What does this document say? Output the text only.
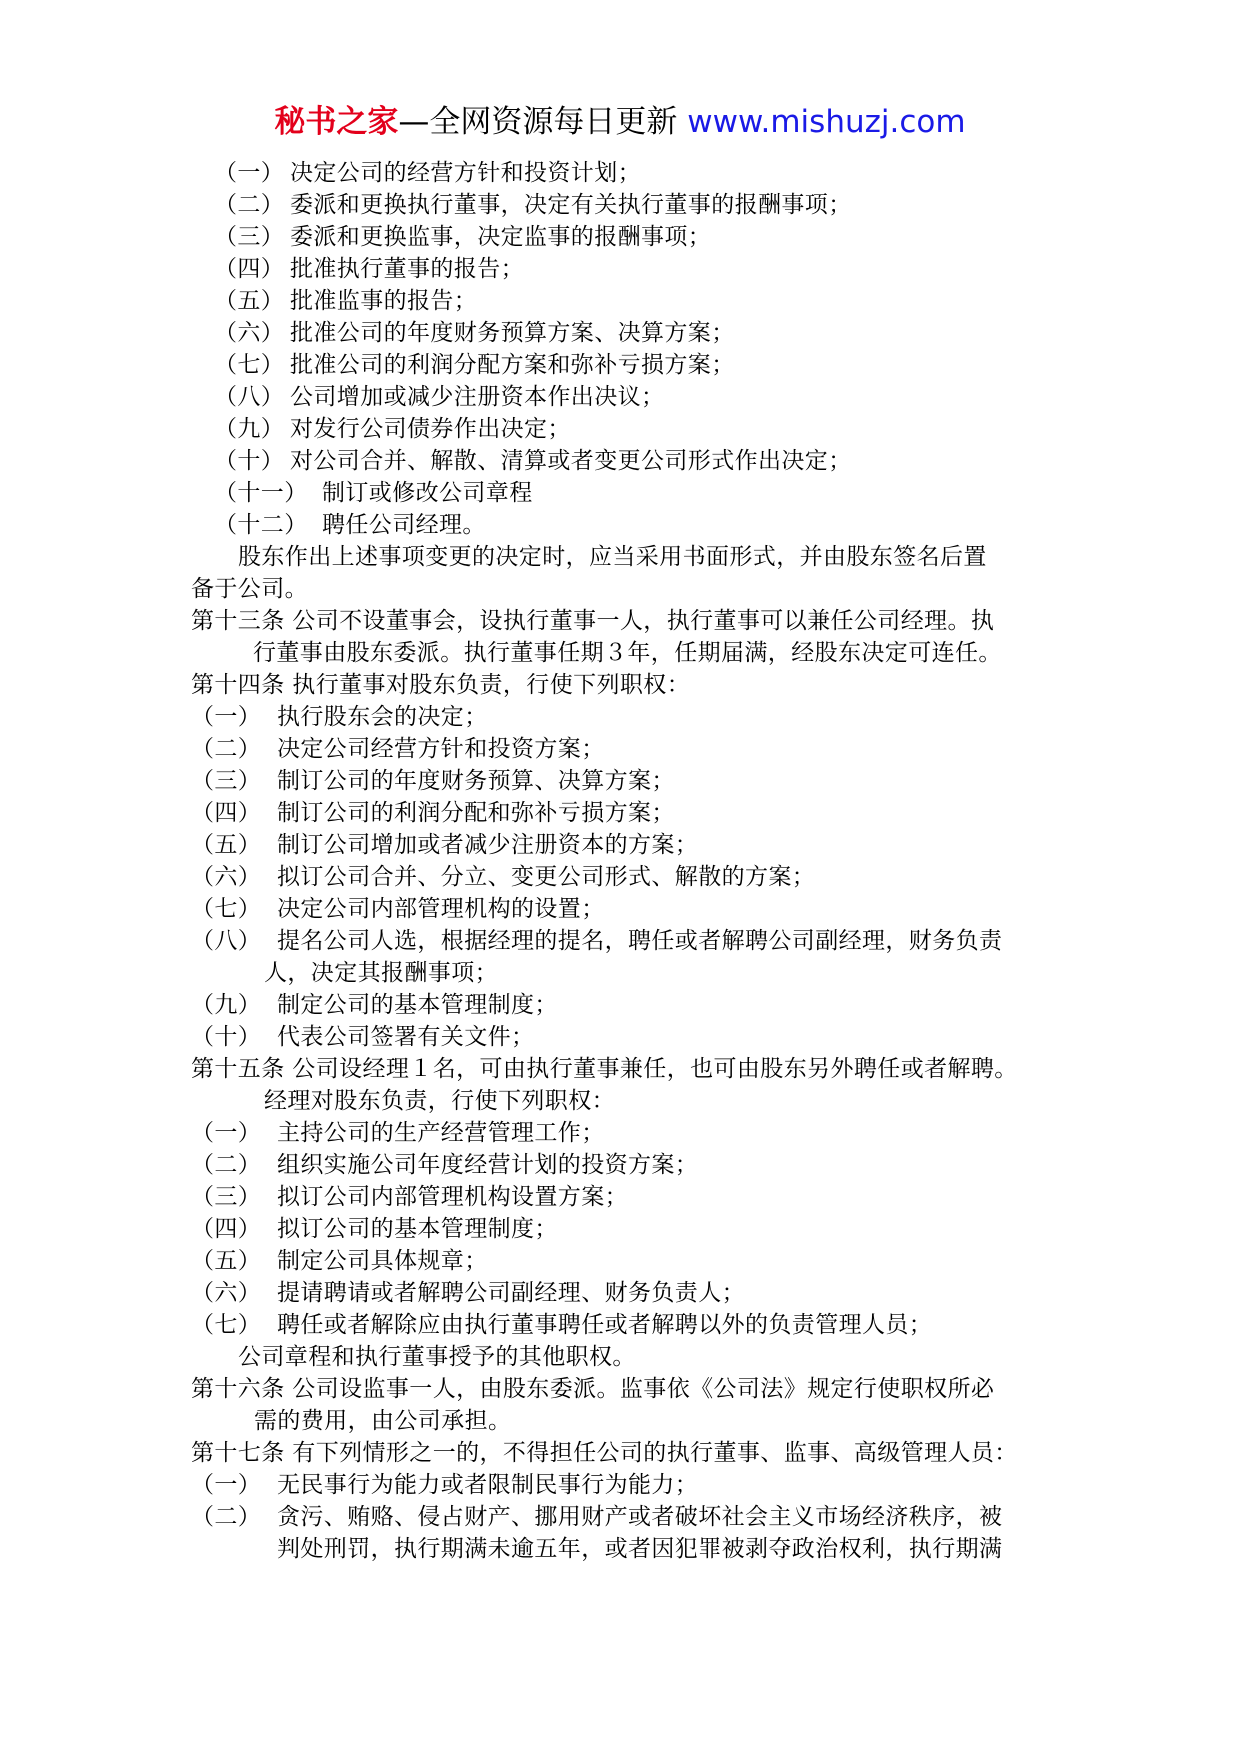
秘书之家—全网资源每日更新 www.mishuzj.com
（一） 决定公司的经营方针和投资计划；
（二） 委派和更换执行董事，决定有关执行董事的报酬事项；
（三） 委派和更换监事，决定监事的报酬事项；
（四） 批准执行董事的报告；
（五） 批准监事的报告；
（六） 批准公司的年度财务预算方案、决算方案；
（七） 批准公司的利润分配方案和弥补亏损方案；
（八） 公司增加或减少注册资本作出决议；
（九） 对发行公司债券作出决定；
（十） 对公司合并、解散、清算或者变更公司形式作出决定；
（十一） 制订或修改公司章程
（十二） 聘任公司经理。
股东作出上述事项变更的决定时，应当采用书面形式，并由股东签名后置
备于公司。
第十三条 公司不设董事会，设执行董事一人，执行董事可以兼任公司经理。执
行董事由股东委派。执行董事任期３年，任期届满，经股东决定可连任。
第十四条 执行董事对股东负责，行使下列职权：
（一） 执行股东会的决定；
（二） 决定公司经营方针和投资方案；
（三） 制订公司的年度财务预算、决算方案；
（四） 制订公司的利润分配和弥补亏损方案；
（五） 制订公司增加或者减少注册资本的方案；
（六） 拟订公司合并、分立、变更公司形式、解散的方案；
（七） 决定公司内部管理机构的设置；
（八） 提名公司人选，根据经理的提名，聘任或者解聘公司副经理，财务负责
人，决定其报酬事项；
（九） 制定公司的基本管理制度；
（十） 代表公司签署有关文件；
第十五条 公司设经理１名，可由执行董事兼任，也可由股东另外聘任或者解聘。
经理对股东负责，行使下列职权：
（一） 主持公司的生产经营管理工作；
（二） 组织实施公司年度经营计划的投资方案；
（三） 拟订公司内部管理机构设置方案；
（四） 拟订公司的基本管理制度；
（五） 制定公司具体规章；
（六） 提请聘请或者解聘公司副经理、财务负责人；
（七） 聘任或者解除应由执行董事聘任或者解聘以外的负责管理人员；
公司章程和执行董事授予的其他职权。
第十六条 公司设监事一人，由股东委派。监事依《公司法》规定行使职权所必
需的费用，由公司承担。
第十七条 有下列情形之一的，不得担任公司的执行董事、监事、高级管理人员：
（一） 无民事行为能力或者限制民事行为能力；
（二） 贪污、贿赂、侵占财产、挪用财产或者破坏社会主义市场经济秩序，被
判处刑罚，执行期满未逾五年，或者因犯罪被剥夺政治权利，执行期满
